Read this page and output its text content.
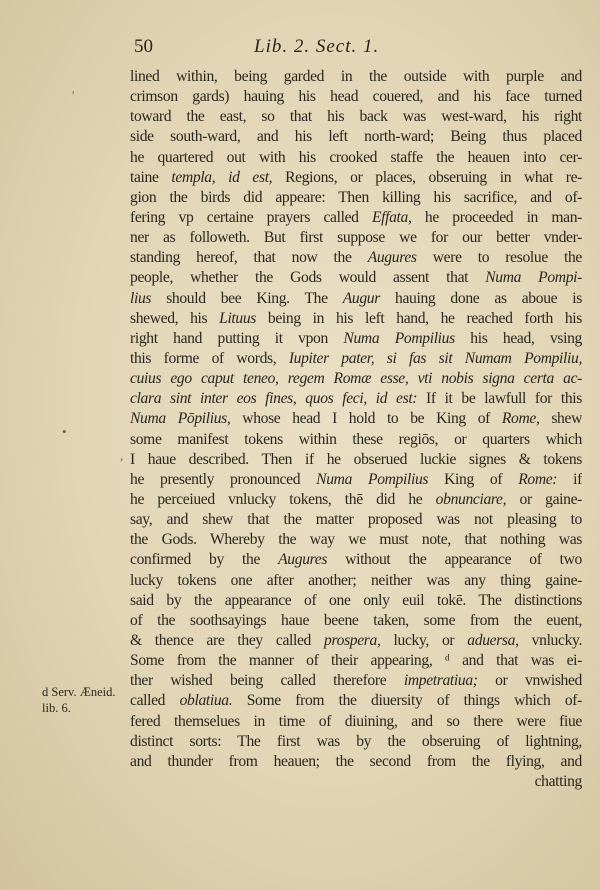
50	Lib. 2. Sect. 1.
lined within, being garded in the outside with purple and
crimson gards) hauing his head couered, and his face turned
toward the east, so that his back was west-ward, his right
side south-ward, and his left north-ward; Being thus placed
he quartered out with his crooked staffe the heauen into cer-
taine templa, id est, Regions, or places, obseruing in what re-
gion the birds did appeare: Then killing his sacrifice, and of-
fering vp certaine prayers called Effata, he proceeded in man-
ner as followeth. But first suppose we for our better vnder-
standing hereof, that now the Augures were to resolue the
people, whether the Gods would assent that Numa Pompi-
lius should bee King. The Augur hauing done as aboue is
shewed, his Lituus being in his left hand, he reached forth his
right hand putting it vpon Numa Pompilius his head, vsing
this forme of words, Iupiter pater, si fas sit Numam Pompiliu,
cuius ego caput teneo, regem Romæ esse, vti nobis signa certa ac-
clara sint inter eos fines, quos feci, id est: If it be lawfull for this
Numa Pōpilius, whose head I hold to be King of Rome, shew
some manifest tokens within these regiōs, or quarters which
I haue described. Then if he obserued luckie signes & tokens
he presently pronounced Numa Pompilius King of Rome: if
he perceiued vnlucky tokens, thē did he obnunciare, or gaine-
say, and shew that the matter proposed was not pleasing to
the Gods. Whereby the way we must note, that nothing was
confirmed by the Augures without the appearance of two
lucky tokens one after another; neither was any thing gaine-
said by the appearance of one only euil tokē. The distinctions
of the soothsayings haue beene taken, some from the euent,
& thence are they called prospera, lucky, or aduersa, vnlucky.
Some from the manner of their appearing, ᵈ and that was ei-
ther wished being called therefore impetratiua; or vnwished
called oblatiua. Some from the diuersity of things which of-
fered themselues in time of diuining, and so there were fiue
distinct sorts: The first was by the obseruing of lightning,
and thunder from heauen; the second from the flying, and
chatting
d Serv. Æneid. lib. 6.
'
•
,
